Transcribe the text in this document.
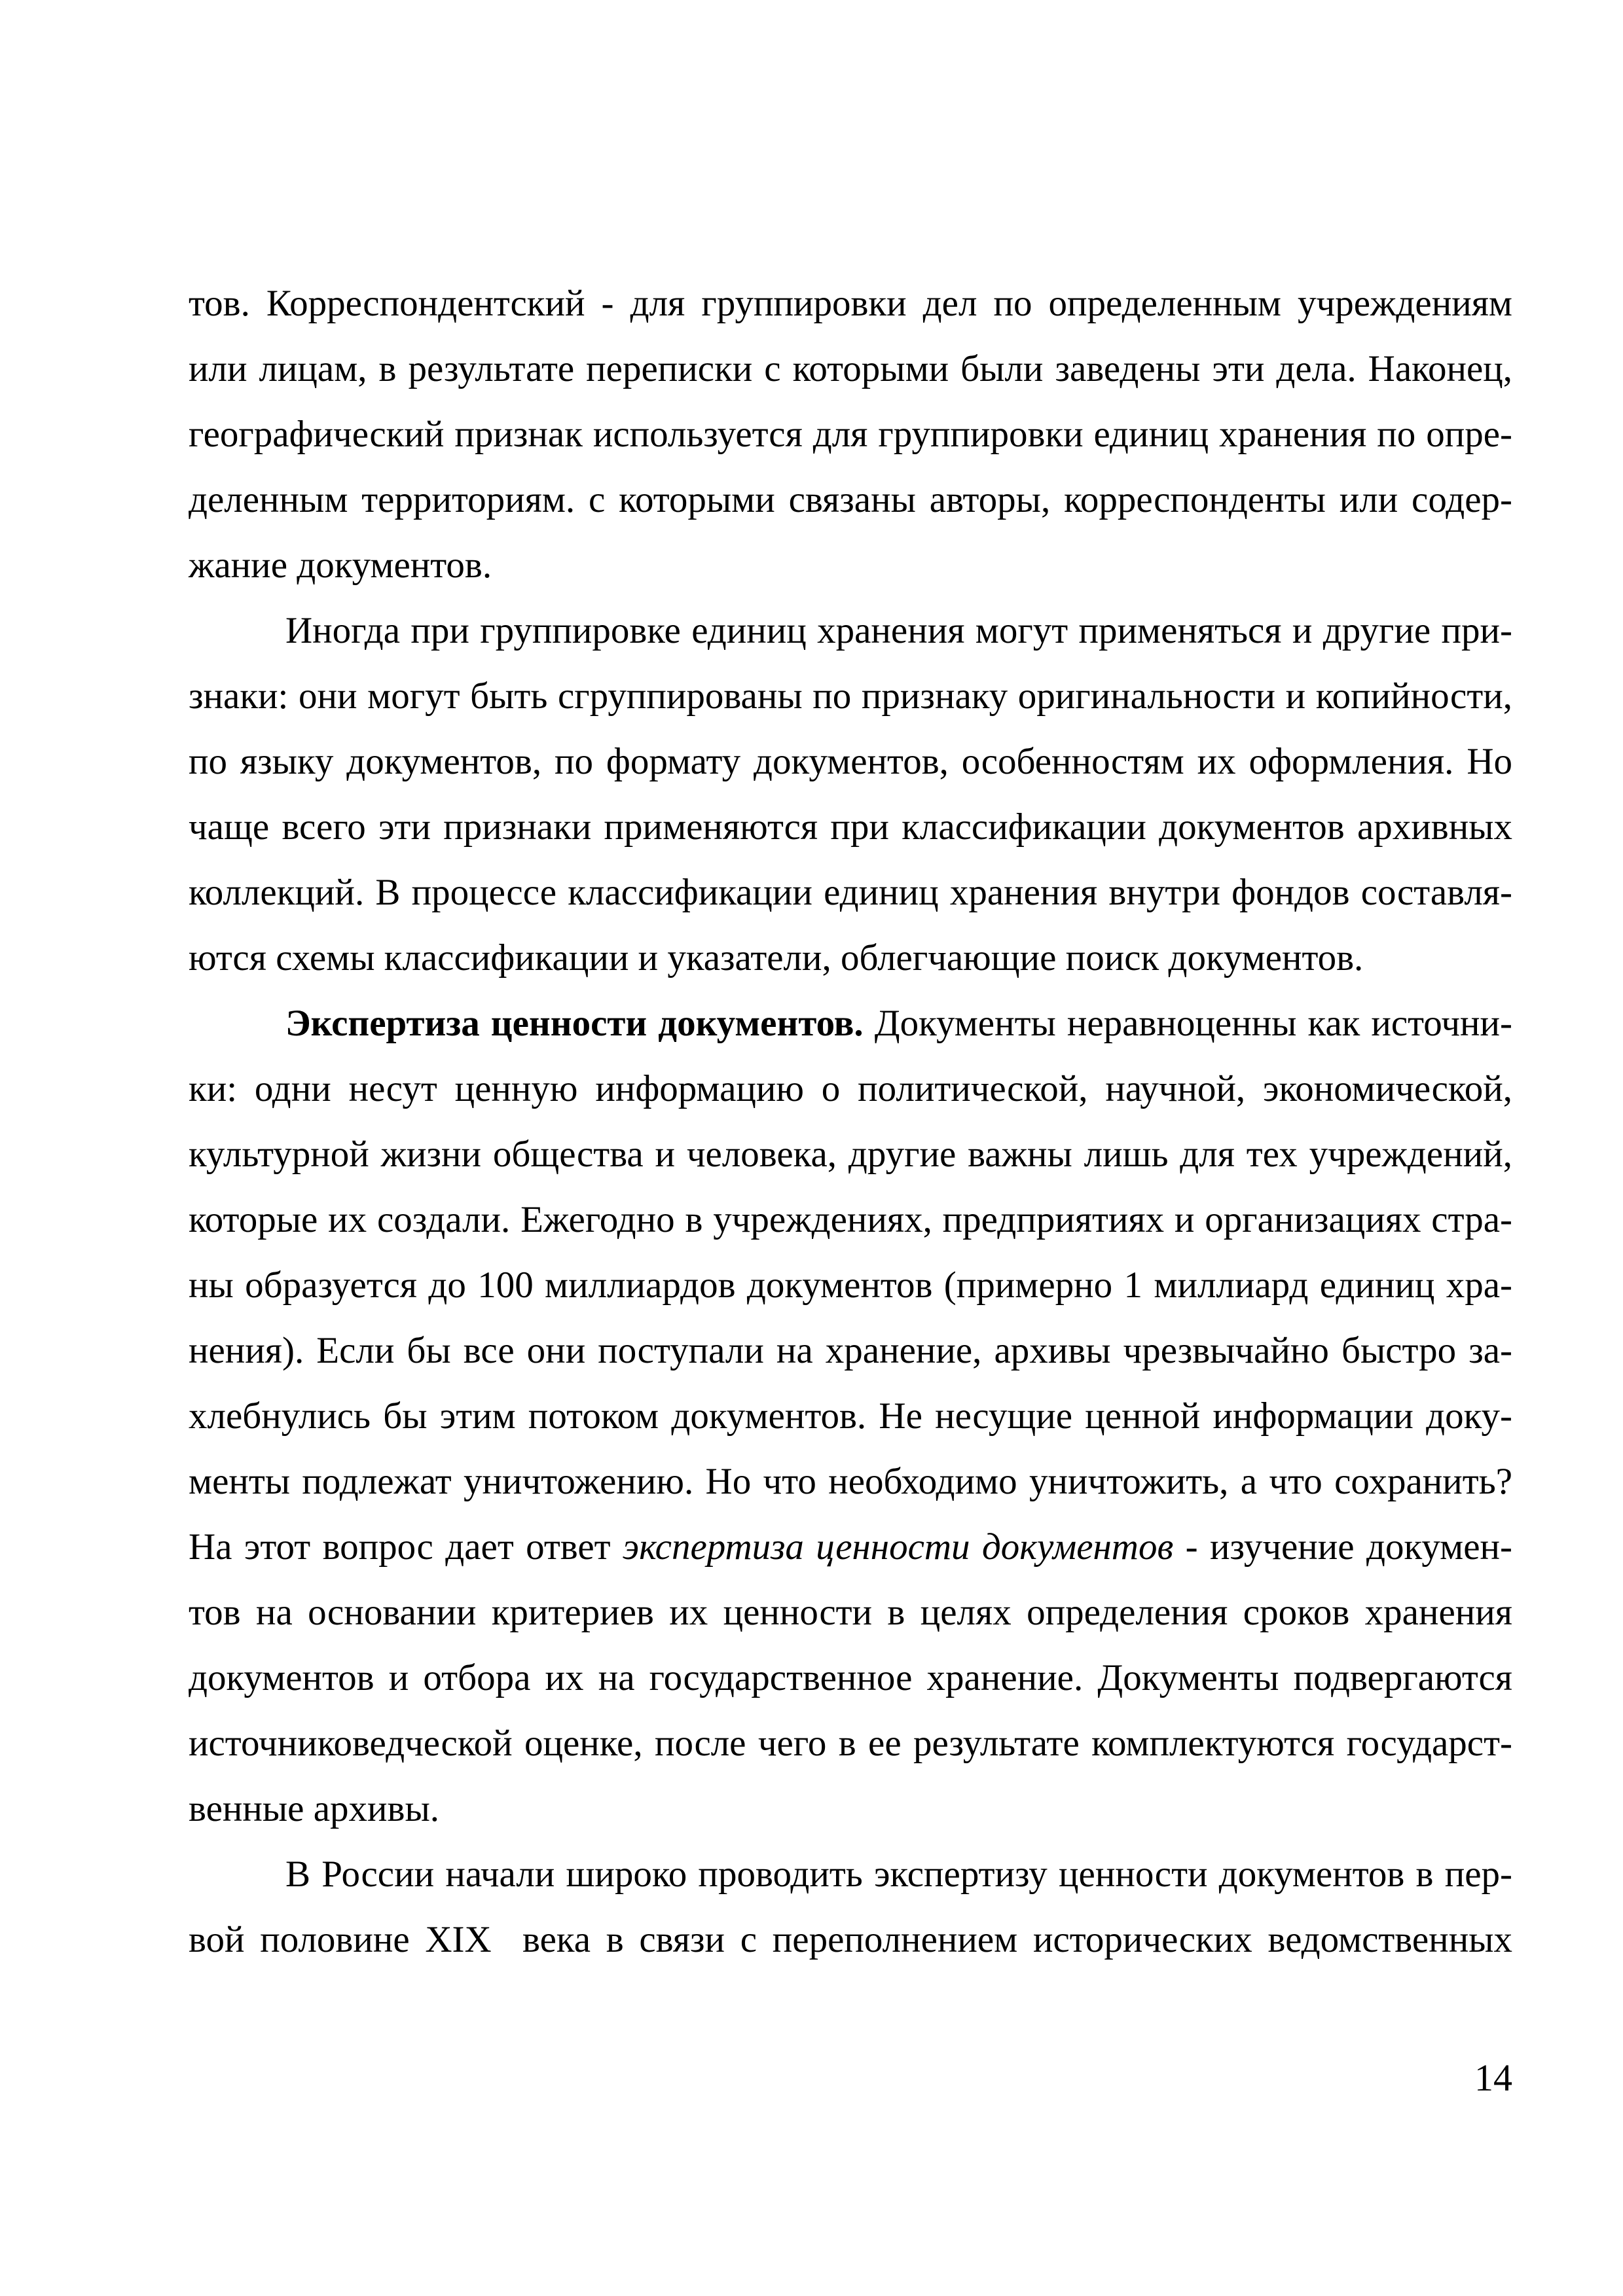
тов. Корреспондентский - для группировки дел по определенным учреждениям
или лицам, в результате переписки с которыми были заведены эти дела. Наконец,
географический признак используется для группировки единиц хранения по опре-
деленным территориям. с которыми связаны авторы, корреспонденты или содер-
жание документов.
Иногда при группировке единиц хранения могут применяться и другие при-
знаки: они могут быть сгруппированы по признаку оригинальности и копийности,
по языку документов, по формату документов, особенностям их оформления. Но
чаще всего эти признаки применяются при классификации документов архивных
коллекций. В процессе классификации единиц хранения внутри фондов составля-
ются схемы классификации и указатели, облегчающие поиск документов.
Экспертиза ценности документов. Документы неравноценны как источни-
ки: одни несут ценную информацию о политической, научной, экономической,
культурной жизни общества и человека, другие важны лишь для тех учреждений,
которые их создали. Ежегодно в учреждениях, предприятиях и организациях стра-
ны образуется до 100 миллиардов документов (примерно 1 миллиард единиц хра-
нения). Если бы все они поступали на хранение, архивы чрезвычайно быстро за-
хлебнулись бы этим потоком документов. Не несущие ценной информации доку-
менты подлежат уничтожению. Но что необходимо уничтожить, а что сохранить?
На этот вопрос дает ответ экспертиза ценности документов - изучение докумен-
тов на основании критериев их ценности в целях определения сроков хранения
документов и отбора их на государственное хранение. Документы подвергаются
источниковедческой оценке, после чего в ее результате комплектуются государст-
венные архивы.
В России начали широко проводить экспертизу ценности документов в пер-
вой половине XIX  века в связи с переполнением исторических ведомственных
14
